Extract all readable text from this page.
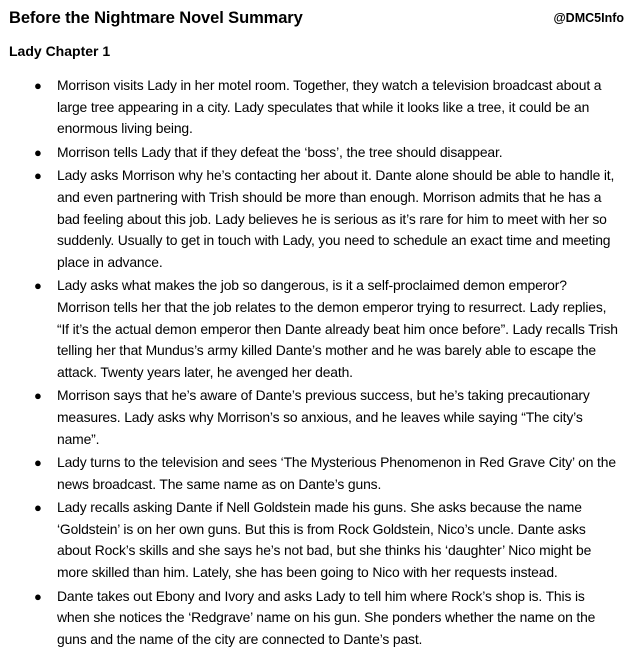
Before the Nightmare Novel Summary	@DMC5Info
Lady Chapter 1
● Morrison visits Lady in her motel room. Together, they watch a television broadcast about a large tree appearing in a city. Lady speculates that while it looks like a tree, it could be an enormous living being.
● Morrison tells Lady that if they defeat the ‘boss’, the tree should disappear.
● Lady asks Morrison why he’s contacting her about it. Dante alone should be able to handle it, and even partnering with Trish should be more than enough. Morrison admits that he has a bad feeling about this job. Lady believes he is serious as it’s rare for him to meet with her so suddenly. Usually to get in touch with Lady, you need to schedule an exact time and meeting place in advance.
● Lady asks what makes the job so dangerous, is it a self-proclaimed demon emperor? Morrison tells her that the job relates to the demon emperor trying to resurrect. Lady replies, “If it’s the actual demon emperor then Dante already beat him once before”. Lady recalls Trish telling her that Mundus’s army killed Dante’s mother and he was barely able to escape the attack. Twenty years later, he avenged her death.
● Morrison says that he’s aware of Dante’s previous success, but he’s taking precautionary measures. Lady asks why Morrison’s so anxious, and he leaves while saying “The city’s name”.
● Lady turns to the television and sees ‘The Mysterious Phenomenon in Red Grave City’ on the news broadcast. The same name as on Dante’s guns.
● Lady recalls asking Dante if Nell Goldstein made his guns. She asks because the name ‘Goldstein’ is on her own guns. But this is from Rock Goldstein, Nico’s uncle. Dante asks about Rock’s skills and she says he’s not bad, but she thinks his ‘daughter’ Nico might be more skilled than him. Lately, she has been going to Nico with her requests instead.
● Dante takes out Ebony and Ivory and asks Lady to tell him where Rock’s shop is. This is when she notices the ‘Redgrave’ name on his gun. She ponders whether the name on the guns and the name of the city are connected to Dante’s past.
